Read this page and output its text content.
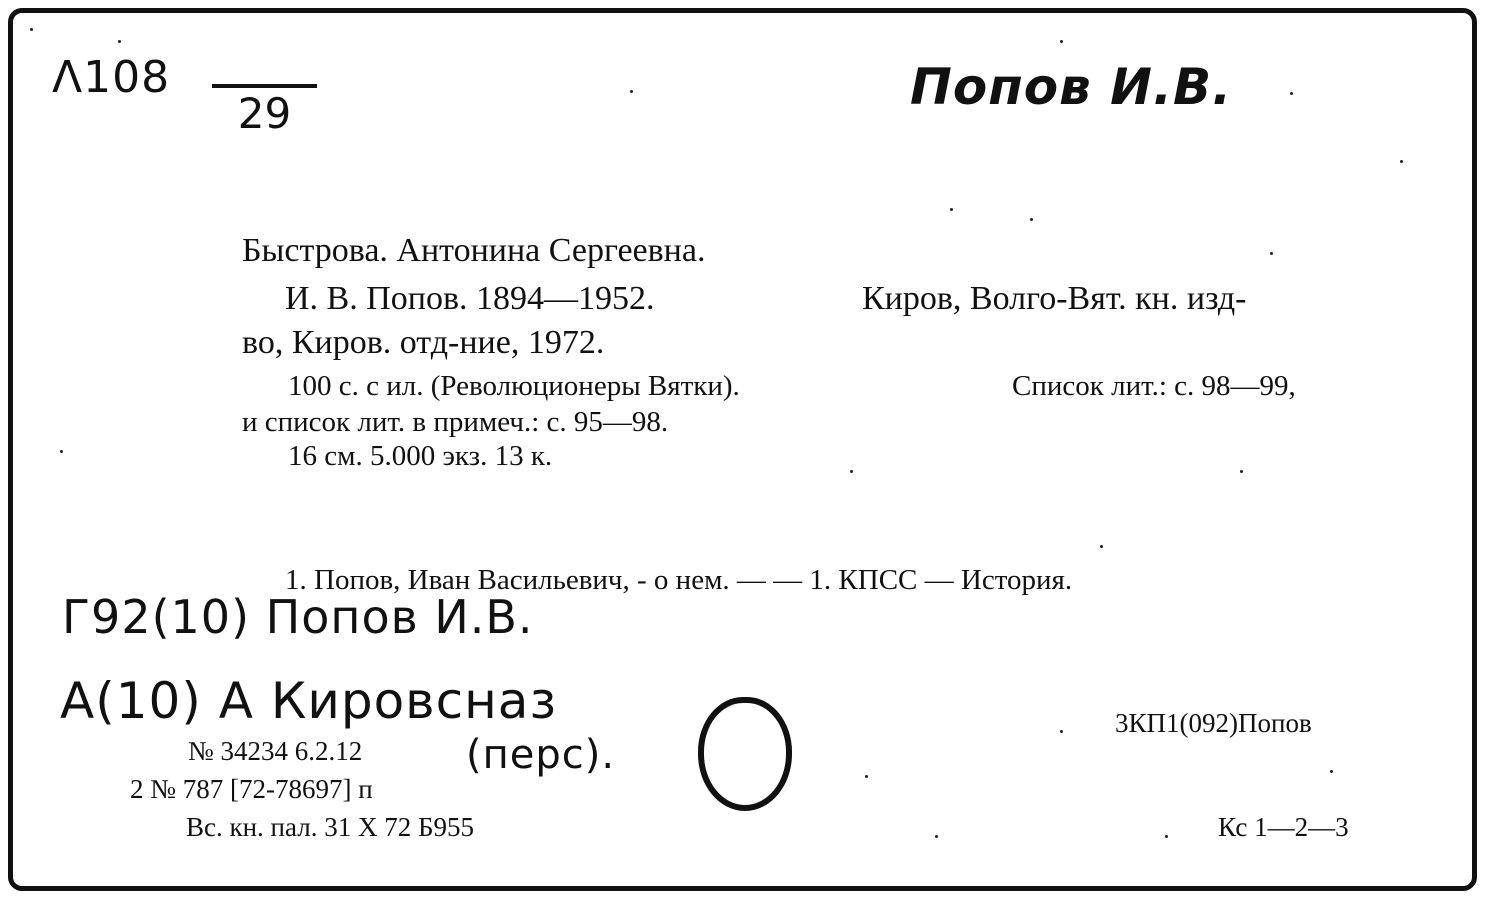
Λ108
29	Попов И.В.
Быстрова. Антонина Сергеевна.
И. В. Попов. 1894—1952.	Киров, Волго-Вят. кн. изд-
во, Киров. отд-ние, 1972.
100 с. с ил. (Революционеры Вятки).	Список лит.: с. 98—99,
и список лит. в примеч.: с. 95—98.
16 см. 5.000 экз. 13 к.
1. Попов, Иван Васильевич, - о нем. — — 1. КПСС — История.
3КП1(092)Попов
№ 34234 6.2.12
2 № 787 [72-78697] п
Вс. кн. пал. 31 Х 72 Б955	Кс 1—2—3
Г92(10) Попов И.В.
А(10) А Кировсназ
(перс).
